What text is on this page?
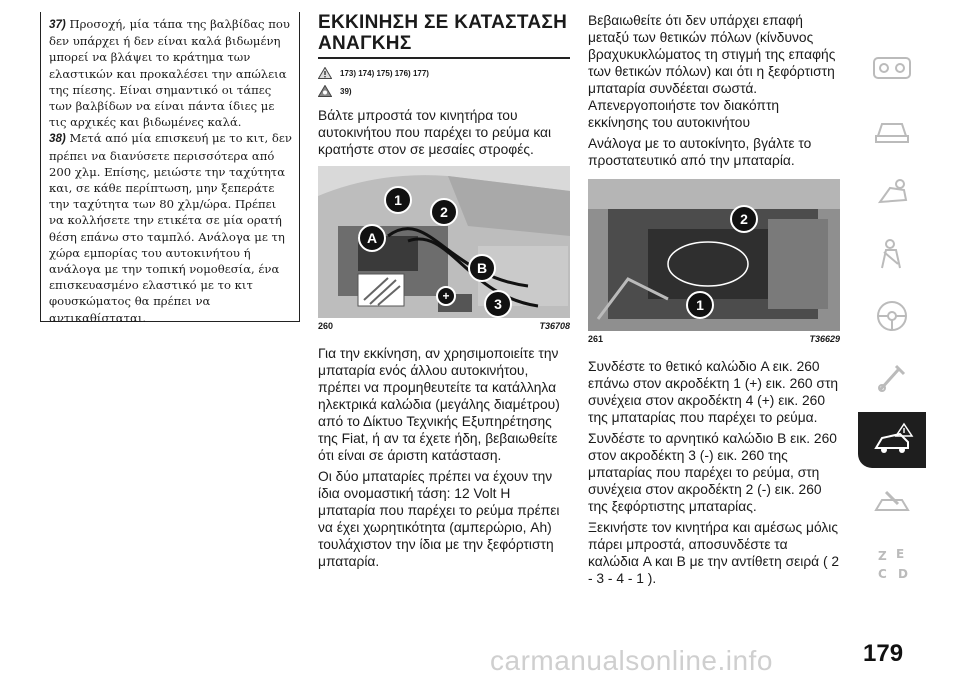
37) Προσοχή, μία τάπα της βαλβίδας που δεν υπάρχει ή δεν είναι καλά βιδωμένη μπορεί να βλάψει το κράτημα των ελαστικών και προκαλέσει την απώλεια της πίεσης. Είναι σημαντικό οι τάπες των βαλβίδων να είναι πάντα ίδιες με τις αρχικές και βιδωμένες καλά.

38) Μετά από μία επισκευή με το κιτ, δεν πρέπει να διανύσετε περισσότερα από 200 χλμ. Επίσης, μειώστε την ταχύτητα και, σε κάθε περίπτωση, μην ξεπεράτε την ταχύτητα των 80 χλμ/ώρα. Πρέπει να κολλήσετε την ετικέτα σε μία ορατή θέση επάνω στο ταμπλό. Ανάλογα με τη χώρα εμπορίας του αυτοκινήτου ή ανάλογα με την τοπική νομοθεσία, ένα επισκευασμένο ελαστικό με το κιτ φουσκώματος θα πρέπει να αντικαθίσταται.

ΕΚΚΙΝΗΣΗ ΣΕ ΚΑΤΑΣΤΑΣΗ ΑΝΑΓΚΗΣ
173) 174) 175) 176) 177)
39)

Βάλτε μπροστά τον κινητήρα του αυτοκινήτου που παρέχει το ρεύμα και κρατήστε στον σε μεσαίες στροφές.

1
2
A
B
+	3
260	T36708

Για την εκκίνηση, αν χρησιμοποιείτε την μπαταρία ενός άλλου αυτοκινήτου, πρέπει να προμηθευτείτε τα κατάλληλα ηλεκτρικά καλώδια (μεγάλης διαμέτρου) από το Δίκτυο Τεχνικής Εξυπηρέτησης της Fiat, ή αν τα έχετε ήδη, βεβαιωθείτε ότι είναι σε άριστη κατάσταση.

Οι δύο μπαταρίες πρέπει να έχουν την ίδια ονομαστική τάση: 12 Volt Η μπαταρία που παρέχει το ρεύμα πρέπει να έχει χωρητικότητα (αμπερώριο, Ah) τουλάχιστον την ίδια με την ξεφόρτιστη μπαταρία.

Βεβαιωθείτε ότι δεν υπάρχει επαφή μεταξύ των θετικών πόλων (κίνδυνος βραχυκυκλώματος τη στιγμή της επαφής των θετικών πόλων) και ότι η ξεφόρτιστη μπαταρία συνδέεται σωστά. Απενεργοποιήστε τον διακόπτη εκκίνησης του αυτοκινήτου

Ανάλογα με το αυτοκίνητο, βγάλτε το προστατευτικό από την μπαταρία.

2
1
261	T36629

Συνδέστε το θετικό καλώδιο A εικ. 260 επάνω στον ακροδέκτη 1 (+) εικ. 260 στη συνέχεια στον ακροδέκτη 4 (+) εικ. 260 της μπαταρίας που παρέχει το ρεύμα.

Συνδέστε το αρνητικό καλώδιο B εικ. 260 στον ακροδέκτη 3 (-) εικ. 260 της μπαταρίας που παρέχει το ρεύμα, στη συνέχεια στον ακροδέκτη 2 (-) εικ. 260 της ξεφόρτιστης μπαταρίας.

Ξεκινήστε τον κινητήρα και αμέσως μόλις πάρει μπροστά, αποσυνδέστε τα καλώδια A και B με την αντίθετη σειρά ( 2 - 3 - 4 - 1 ).

Z E
C D
carmanualsonline.info	179
